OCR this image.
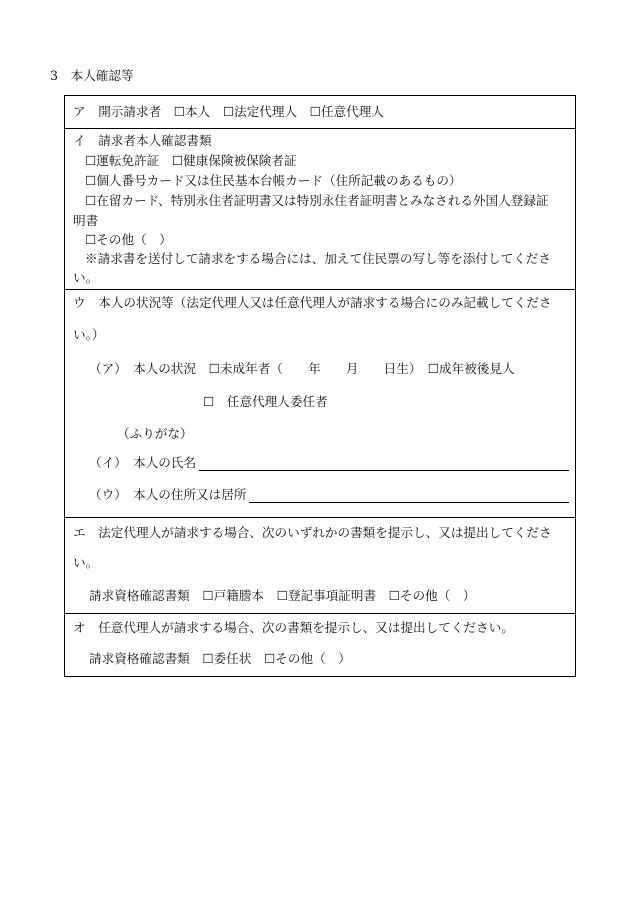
3　本人確認等
ア　開示請求者　☐本人　☐法定代理人　☐任意代理人
イ　請求者本人確認書類
☐運転免許証　☐健康保険被保険者証
☐個人番号カード又は住民基本台帳カード（住所記載のあるもの）
☐在留カード、特別永住者証明書又は特別永住者証明書とみなされる外国人登録証
明書
☐その他（　）
※請求書を送付して請求をする場合には、加えて住民票の写し等を添付してくださ
い。
ウ　本人の状況等（法定代理人又は任意代理人が請求する場合にのみ記載してくださ
い。）
（ア）　本人の状況　☐未成年者（　　年　　月　　日生）　☐成年被後見人
☐　任意代理人委任者
（ふりがな）
（イ）　本人の氏名
（ウ）　本人の住所又は居所
エ　法定代理人が請求する場合、次のいずれかの書類を提示し、又は提出してくださ
い。
請求資格確認書類　☐戸籍謄本　☐登記事項証明書　☐その他（　）
オ　任意代理人が請求する場合、次の書類を提示し、又は提出してください。
請求資格確認書類　☐委任状　☐その他（　）
